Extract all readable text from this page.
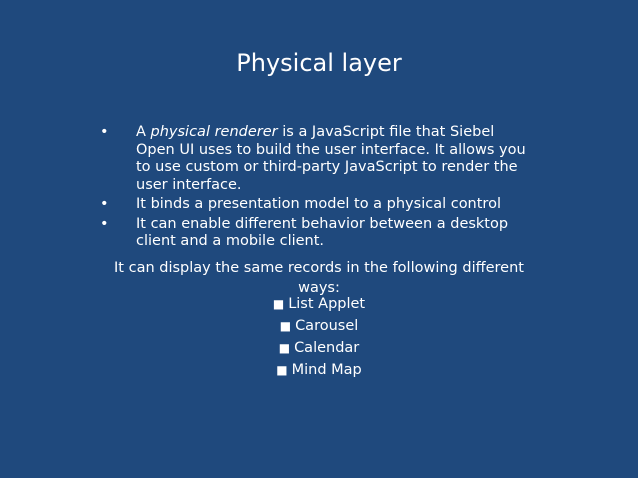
Physical layer
• A physical renderer is a JavaScript file that Siebel Open UI uses to build the user interface. It allows you to use custom or third-party JavaScript to render the user interface.
• It binds a presentation model to a physical control
• It can enable different behavior between a desktop client and a mobile client.
It can display the same records in the following different ways:
■ List Applet
■ Carousel
■ Calendar
■ Mind Map
